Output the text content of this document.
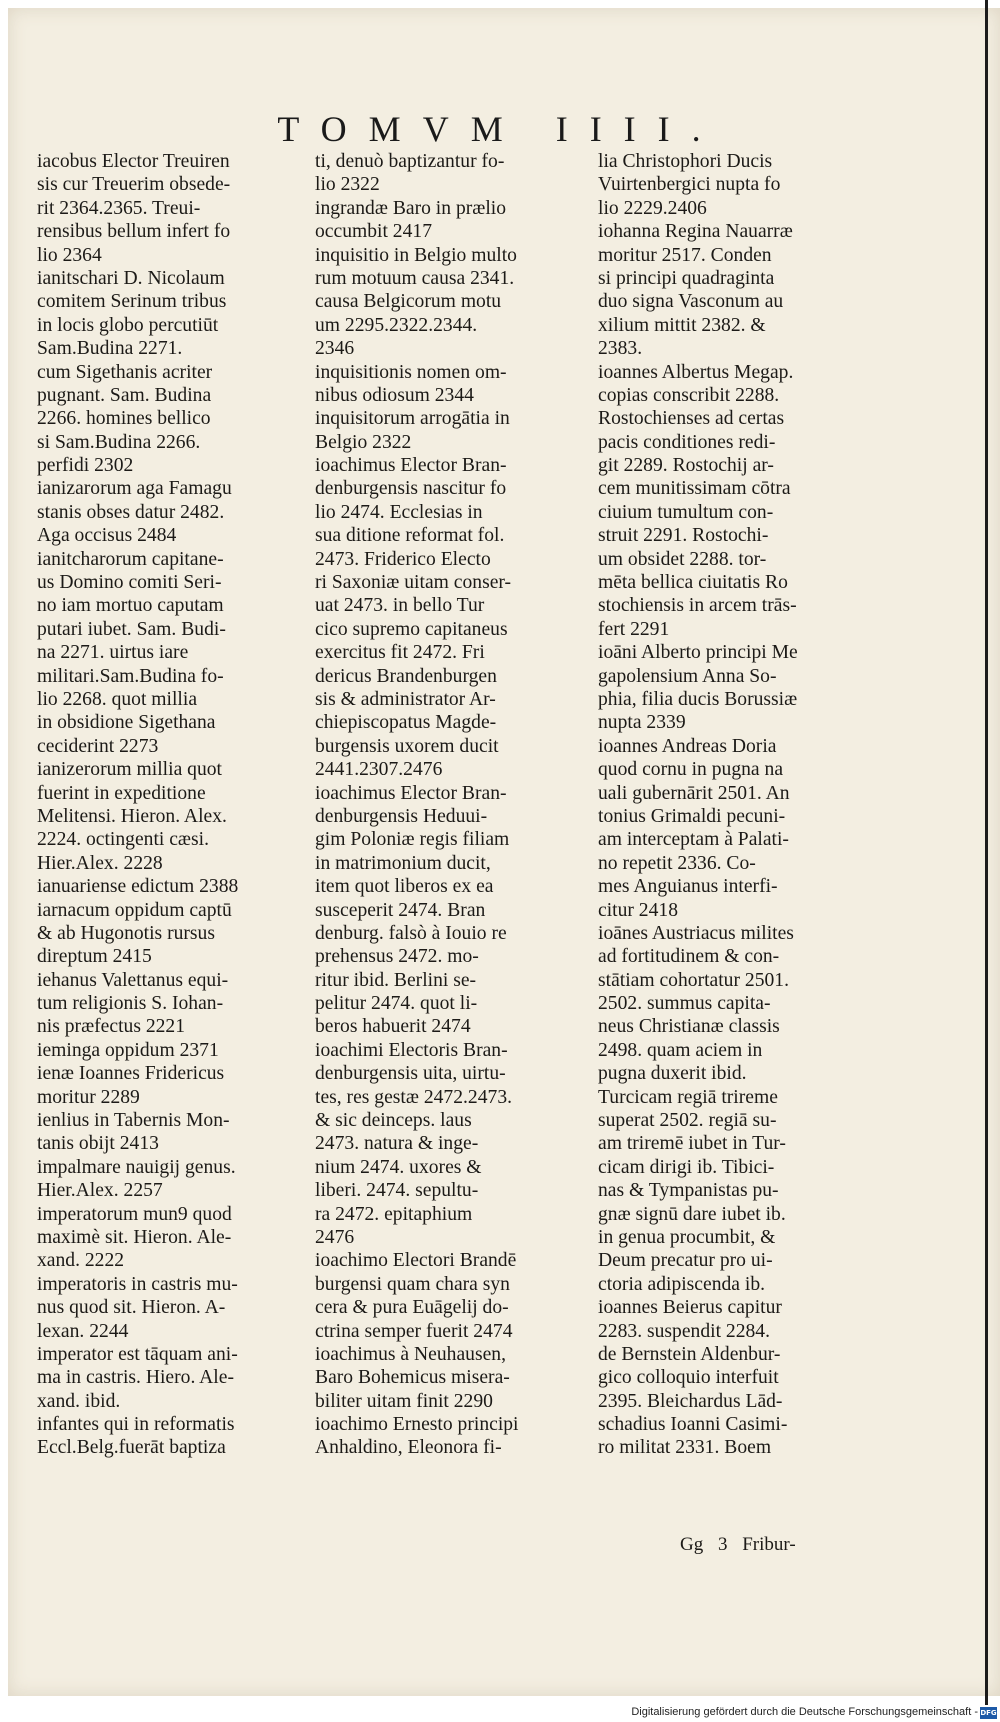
TOMVM IIII.
iacobus Elector Treuiren
sis cur Treuerim obsede-
rit 2364.2365. Treui-
rensibus bellum infert fo
lio 2364
ianitschari D. Nicolaum
comitem Serinum tribus
in locis globo percutiūt
Sam.Budina 2271.
cum Sigethanis acriter
pugnant. Sam. Budina
2266. homines bellico
si Sam.Budina 2266.
perfidi 2302
ianizarorum aga Famagu
stanis obses datur 2482.
Aga occisus 2484
ianitcharorum capitane-
us Domino comiti Seri-
no iam mortuo caputam
putari iubet. Sam. Budi-
na 2271. uirtus iare
militari.Sam.Budina fo-
lio 2268. quot millia
in obsidione Sigethana
ceciderint 2273
ianizerorum millia quot
fuerint in expeditione
Melitensi. Hieron. Alex.
2224. octingenti cæsi.
Hier.Alex. 2228
ianuariense edictum 2388
iarnacum oppidum captū
& ab Hugonotis rursus
direptum 2415
iehanus Valettanus equi-
tum religionis S. Iohan-
nis præfectus 2221
ieminga oppidum 2371
ienæ Ioannes Fridericus
moritur 2289
ienlius in Tabernis Mon-
tanis obijt 2413
impalmare nauigij genus.
Hier.Alex. 2257
imperatorum mun9 quod
maximè sit. Hieron. Ale-
xand. 2222
imperatoris in castris mu-
nus quod sit. Hieron. A-
lexan. 2244
imperator est tāquam ani-
ma in castris. Hiero. Ale-
xand. ibid.
infantes qui in reformatis
Eccl.Belg.fuerāt baptiza
ti, denuò baptizantur fo-
lio 2322
ingrandæ Baro in prælio
occumbit 2417
inquisitio in Belgio multo
rum motuum causa 2341.
causa Belgicorum motu
um 2295.2322.2344.
2346
inquisitionis nomen om-
nibus odiosum 2344
inquisitorum arrogātia in
Belgio 2322
ioachimus Elector Bran-
denburgensis nascitur fo
lio 2474. Ecclesias in
sua ditione reformat fol.
2473. Friderico Electo
ri Saxoniæ uitam conser-
uat 2473. in bello Tur
cico supremo capitaneus
exercitus fit 2472. Fri
dericus Brandenburgen
sis & administrator Ar-
chiepiscopatus Magde-
burgensis uxorem ducit
2441.2307.2476
ioachimus Elector Bran-
denburgensis Heduui-
gim Poloniæ regis filiam
in matrimonium ducit,
item quot liberos ex ea
susceperit 2474. Bran
denburg. falsò à Iouio re
prehensus 2472. mo-
ritur ibid. Berlini se-
pelitur 2474. quot li-
beros habuerit 2474
ioachimi Electoris Bran-
denburgensis uita, uirtu-
tes, res gestæ 2472.2473.
& sic deinceps. laus
2473. natura & inge-
nium 2474. uxores &
liberi. 2474. sepultu-
ra 2472. epitaphium
2476
ioachimo Electori Brandē
burgensi quam chara syn
cera & pura Euāgelij do-
ctrina semper fuerit 2474
ioachimus à Neuhausen,
Baro Bohemicus misera-
biliter uitam finit 2290
ioachimo Ernesto principi
Anhaldino, Eleonora fi-
lia Christophori Ducis
Vuirtenbergici nupta fo
lio 2229.2406
iohanna Regina Nauarræ
moritur 2517. Conden
si principi quadraginta
duo signa Vasconum au
xilium mittit 2382. &
2383.
ioannes Albertus Megap.
copias conscribit 2288.
Rostochienses ad certas
pacis conditiones redi-
git 2289. Rostochij ar-
cem munitissimam cōtra
ciuium tumultum con-
struit 2291. Rostochi-
um obsidet 2288. tor-
mēta bellica ciuitatis Ro
stochiensis in arcem trās-
fert 2291
ioāni Alberto principi Me
gapolensium Anna So-
phia, filia ducis Borussiæ
nupta 2339
ioannes Andreas Doria
quod cornu in pugna na
uali gubernārit 2501. An
tonius Grimaldi pecuni-
am interceptam à Palati-
no repetit 2336. Co-
mes Anguianus interfi-
citur 2418
ioānes Austriacus milites
ad fortitudinem & con-
stātiam cohortatur 2501.
2502. summus capita-
neus Christianæ classis
2498. quam aciem in
pugna duxerit ibid.
Turcicam regiā trireme
superat 2502. regiā su-
am triremē iubet in Tur-
cicam dirigi ib. Tibici-
nas & Tympanistas pu-
gnæ signū dare iubet ib.
in genua procumbit, &
Deum precatur pro ui-
ctoria adipiscenda ib.
ioannes Beierus capitur
2283. suspendit 2284.
de Bernstein Aldenbur-
gico colloquio interfuit
2395. Bleichardus Lād-
schadius Ioanni Casimi-
ro militat 2331. Boem
Gg 3 Fribur-
Digitalisierung gefördert durch die Deutsche Forschungsgemeinschaft - DFG
